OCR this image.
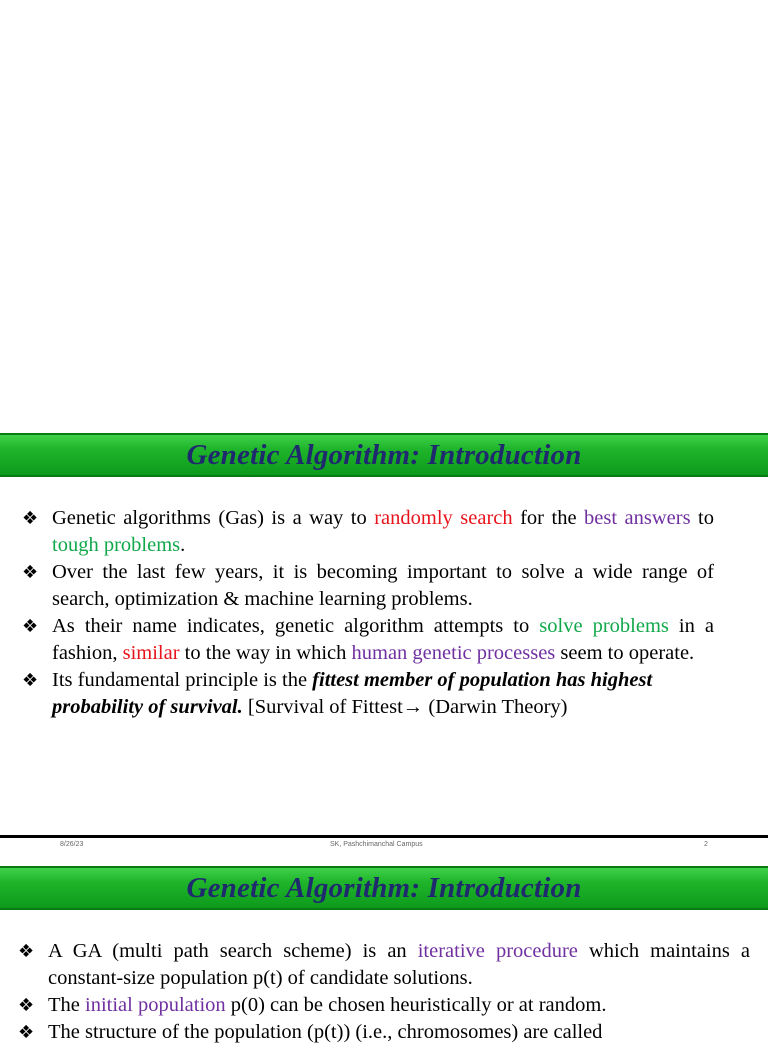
Genetic Algorithm: Introduction
❖ Genetic algorithms (Gas) is a way to randomly search for the best answers to tough problems.
❖ Over the last few years, it is becoming important to solve a wide range of search, optimization & machine learning problems.
❖ As their name indicates, genetic algorithm attempts to solve problems in a fashion, similar to the way in which human genetic processes seem to operate.
❖ Its fundamental principle is the fittest member of population has highest probability of survival. [Survival of Fittest→ (Darwin Theory)
8/26/23	SK, Pashchimanchal Campus	2
Genetic Algorithm: Introduction
❖ A GA (multi path search scheme) is an iterative procedure which maintains a constant-size population p(t) of candidate solutions.
❖ The initial population p(0) can be chosen heuristically or at random.
❖ The structure of the population (p(t)) (i.e., chromosomes) are called
